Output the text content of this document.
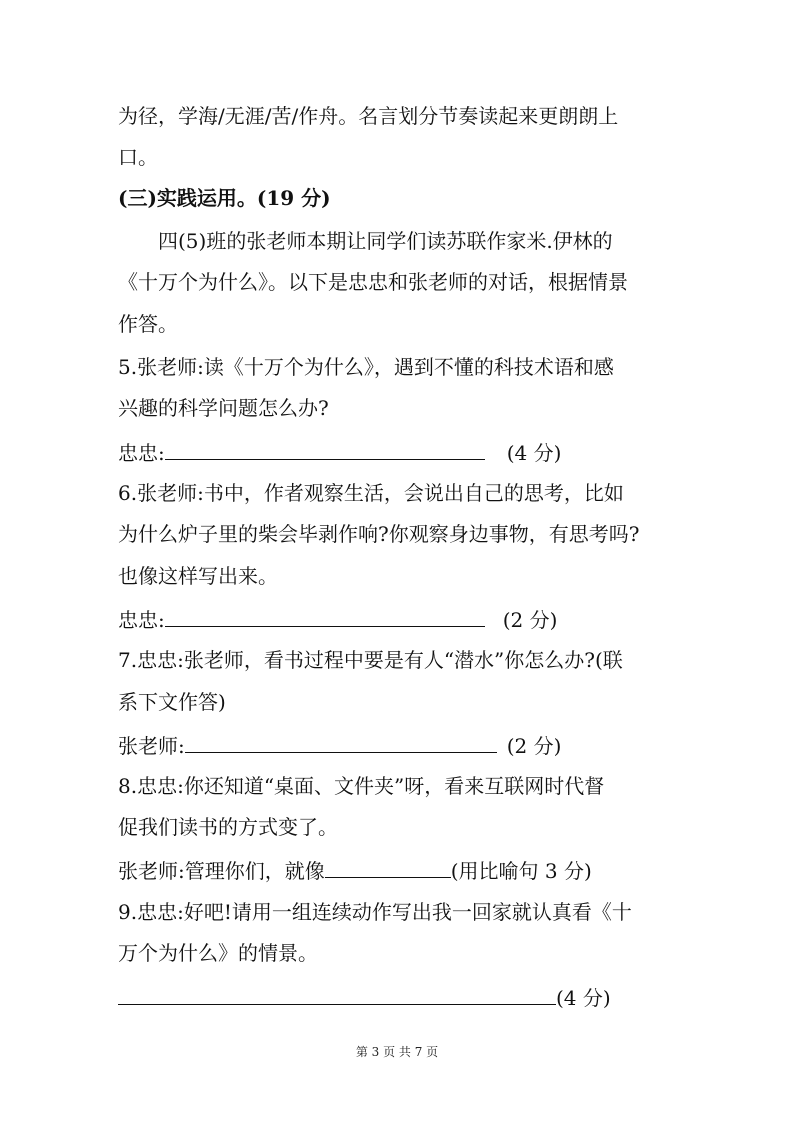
为径，学海/无涯/苦/作舟。名言划分节奏读起来更朗朗上
口。
(三)实践运用。(19 分)
四(5)班的张老师本期让同学们读苏联作家米.伊林的
《十万个为什么》。以下是忠忠和张老师的对话，根据情景
作答。
5.张老师:读《十万个为什么》，遇到不懂的科技术语和感
兴趣的科学问题怎么办?
忠忠:	(4 分)
6.张老师:书中，作者观察生活，会说出自己的思考，比如
为什么炉子里的柴会毕剥作响?你观察身边事物，有思考吗?
也像这样写出来。
忠忠:	(2 分)
7.忠忠:张老师，看书过程中要是有人“潜水”你怎么办?(联
系下文作答)
张老师:	(2 分)
8.忠忠:你还知道“桌面、文件夹”呀，看来互联网时代督
促我们读书的方式变了。
张老师:管理你们，就像	(用比喻句 3 分)
9.忠忠:好吧!请用一组连续动作写出我一回家就认真看《十
万个为什么》的情景。
(4 分)
第 3 页 共 7 页
